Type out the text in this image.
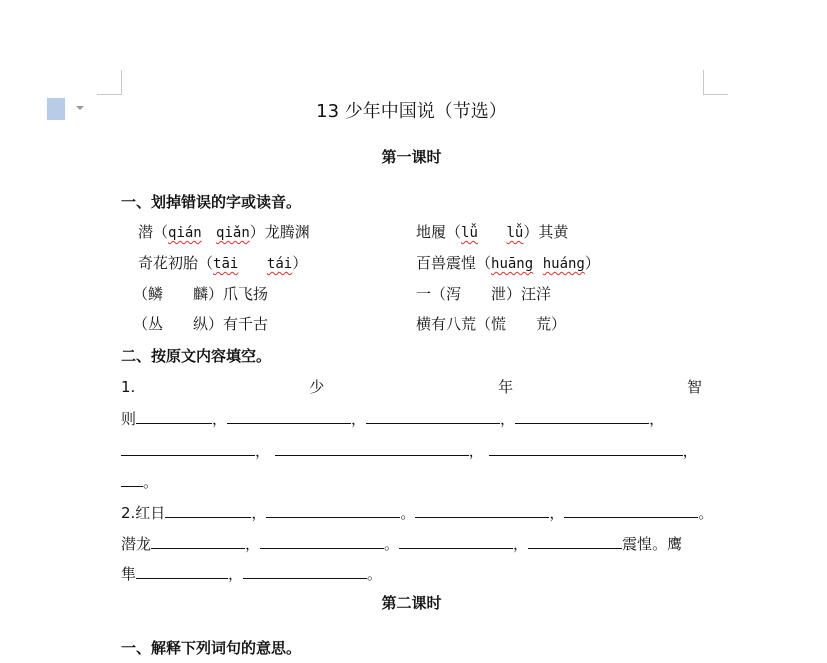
13 少年中国说（节选）
第一课时
一、划掉错误的字或读音。
潜（qián qiǎn）龙腾渊	地履（lǚ lǚ）其黄
奇花初胎（tāi tái）	百兽震惶（huāng huáng）
（鳞　　麟）爪飞扬	一（泻　　泄）汪洋
（丛　　纵）有千古	横有八荒（慌　　荒）
二、按原文内容填空。
1.	少	年	智
则	，	，	，	，
，	，	，
。
2.红日	，	。	，	。
潜龙	，	。	，	震惶。鹰
隼	，	。
第二课时
一、解释下列词句的意思。
